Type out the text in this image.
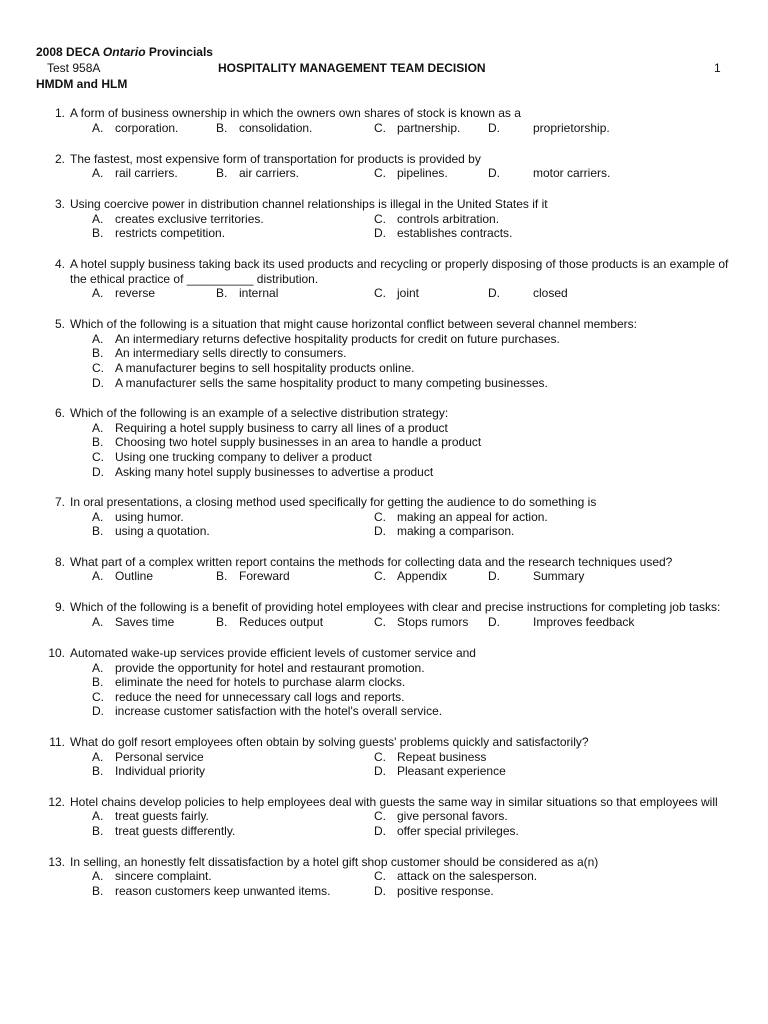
2008 DECA Ontario Provincials
Test 958A	HOSPITALITY MANAGEMENT TEAM DECISION	1
HMDM and HLM
1. A form of business ownership in which the owners own shares of stock is known as a
A. corporation.	B. consolidation.	C. partnership. D.	proprietorship.
2. The fastest, most expensive form of transportation for products is provided by
A. rail carriers.	B. air carriers.	C. pipelines.	D.	motor carriers.
3. Using coercive power in distribution channel relationships is illegal in the United States if it
A. creates exclusive territories.	C. controls arbitration.
B. restricts competition.	D. establishes contracts.
4. A hotel supply business taking back its used products and recycling or properly disposing of those products is an example of the ethical practice of __________ distribution.
A. reverse	B. internal	C. joint	D.	closed
5. Which of the following is a situation that might cause horizontal conflict between several channel members:
A. An intermediary returns defective hospitality products for credit on future purchases.
B. An intermediary sells directly to consumers.
C. A manufacturer begins to sell hospitality products online.
D. A manufacturer sells the same hospitality product to many competing businesses.
6. Which of the following is an example of a selective distribution strategy:
A. Requiring a hotel supply business to carry all lines of a product
B. Choosing two hotel supply businesses in an area to handle a product
C. Using one trucking company to deliver a product
D. Asking many hotel supply businesses to advertise a product
7. In oral presentations, a closing method used specifically for getting the audience to do something is
A. using humor.	C. making an appeal for action.
B. using a quotation.	D. making a comparison.
8. What part of a complex written report contains the methods for collecting data and the research techniques used?
A. Outline	B. Foreward	C. Appendix	D.	Summary
9. Which of the following is a benefit of providing hotel employees with clear and precise instructions for completing job tasks:
A. Saves time	B. Reduces output	C. Stops rumors D.	Improves feedback
10. Automated wake-up services provide efficient levels of customer service and
A. provide the opportunity for hotel and restaurant promotion.
B. eliminate the need for hotels to purchase alarm clocks.
C. reduce the need for unnecessary call logs and reports.
D. increase customer satisfaction with the hotel's overall service.
11. What do golf resort employees often obtain by solving guests' problems quickly and satisfactorily?
A. Personal service	C. Repeat business
B. Individual priority	D. Pleasant experience
12. Hotel chains develop policies to help employees deal with guests the same way in similar situations so that employees will
A. treat guests fairly.	C. give personal favors.
B. treat guests differently.	D. offer special privileges.
13. In selling, an honestly felt dissatisfaction by a hotel gift shop customer should be considered as a(n)
A. sincere complaint.	C. attack on the salesperson.
B. reason customers keep unwanted items.	D. positive response.
